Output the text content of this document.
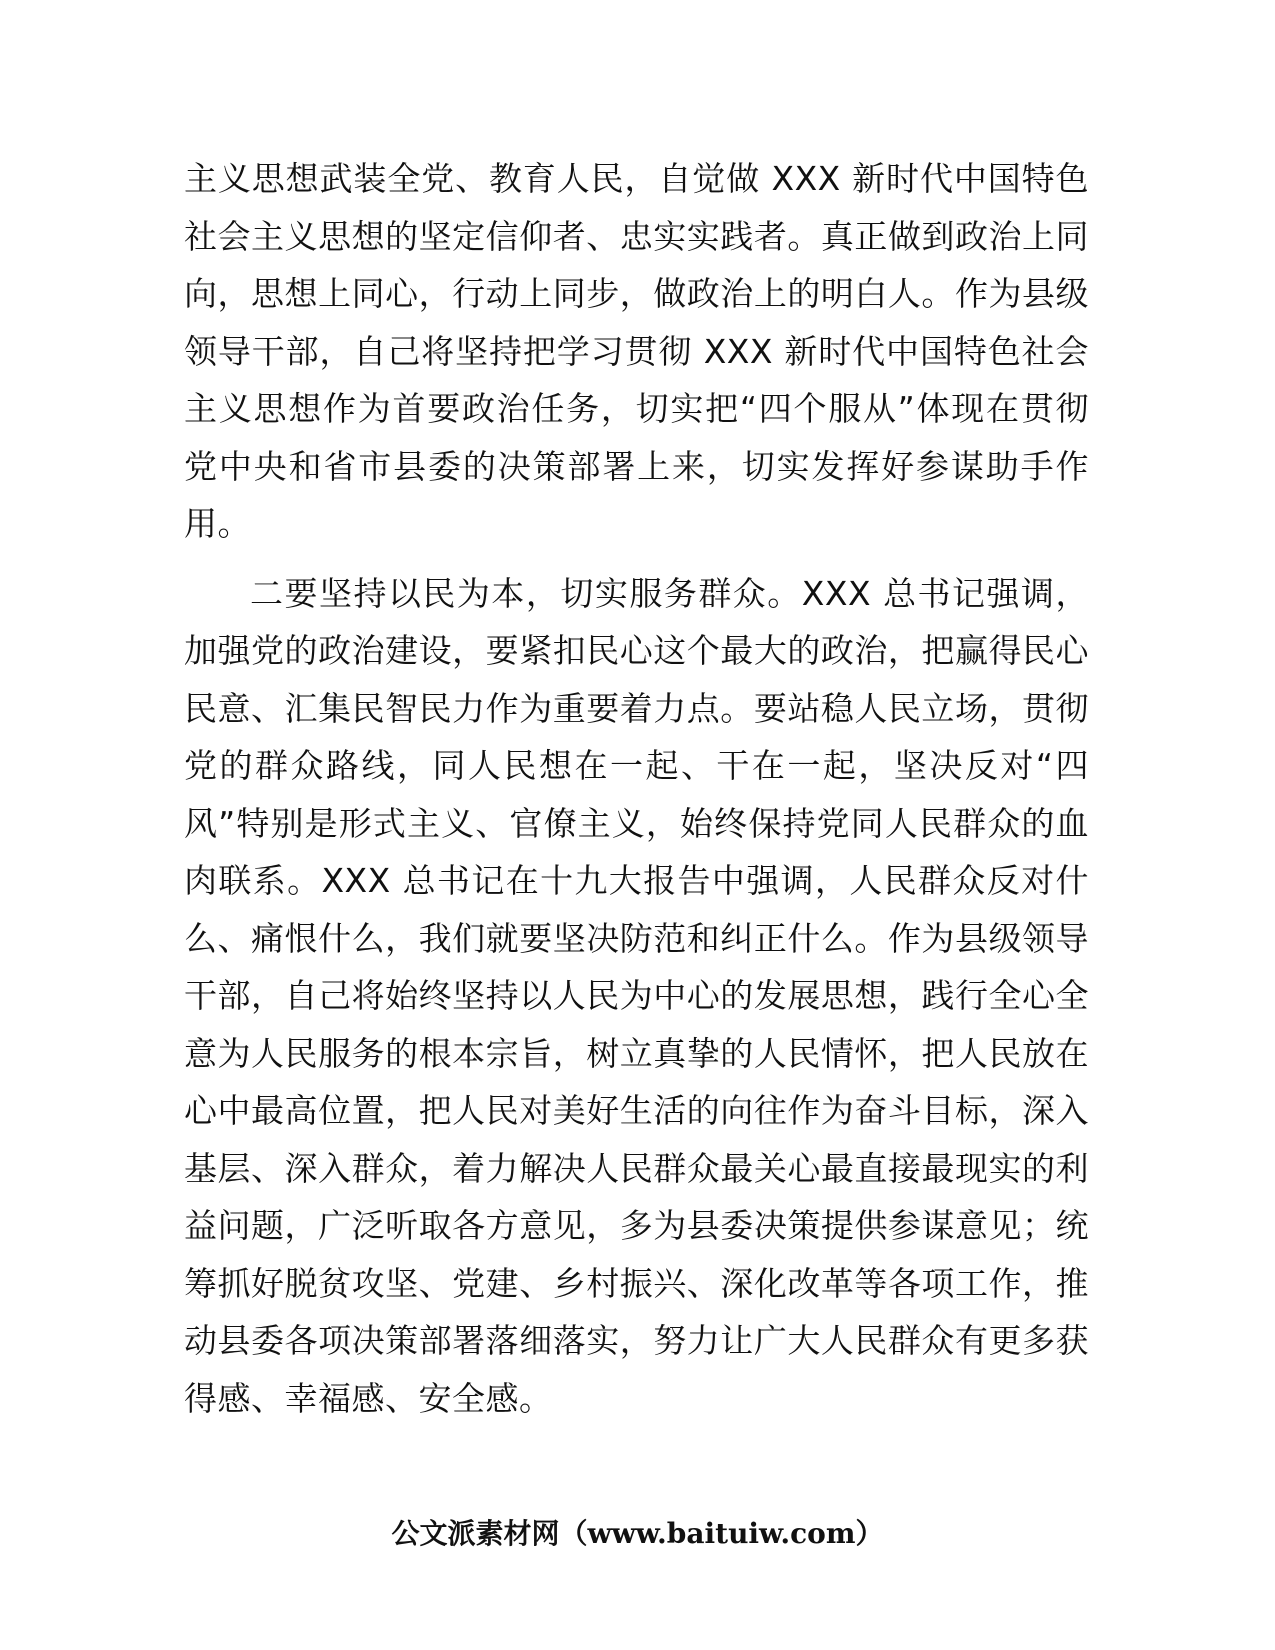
主义思想武装全党、教育人民，自觉做 XXX 新时代中国特色社会主义思想的坚定信仰者、忠实实践者。真正做到政治上同向，思想上同心，行动上同步，做政治上的明白人。作为县级领导干部，自己将坚持把学习贯彻 XXX 新时代中国特色社会主义思想作为首要政治任务，切实把“四个服从”体现在贯彻党中央和省市县委的决策部署上来，切实发挥好参谋助手作用。

二要坚持以民为本，切实服务群众。XXX 总书记强调，加强党的政治建设，要紧扣民心这个最大的政治，把赢得民心民意、汇集民智民力作为重要着力点。要站稳人民立场，贯彻党的群众路线，同人民想在一起、干在一起，坚决反对“四风”特别是形式主义、官僚主义，始终保持党同人民群众的血肉联系。XXX 总书记在十九大报告中强调，人民群众反对什么、痛恨什么，我们就要坚决防范和纠正什么。作为县级领导干部，自己将始终坚持以人民为中心的发展思想，践行全心全意为人民服务的根本宗旨，树立真挚的人民情怀，把人民放在心中最高位置，把人民对美好生活的向往作为奋斗目标，深入基层、深入群众，着力解决人民群众最关心最直接最现实的利益问题，广泛听取各方意见，多为县委决策提供参谋意见；统筹抓好脱贫攻坚、党建、乡村振兴、深化改革等各项工作，推动县委各项决策部署落细落实，努力让广大人民群众有更多获得感、幸福感、安全感。

公文派素材网（www.baituiw.com）
